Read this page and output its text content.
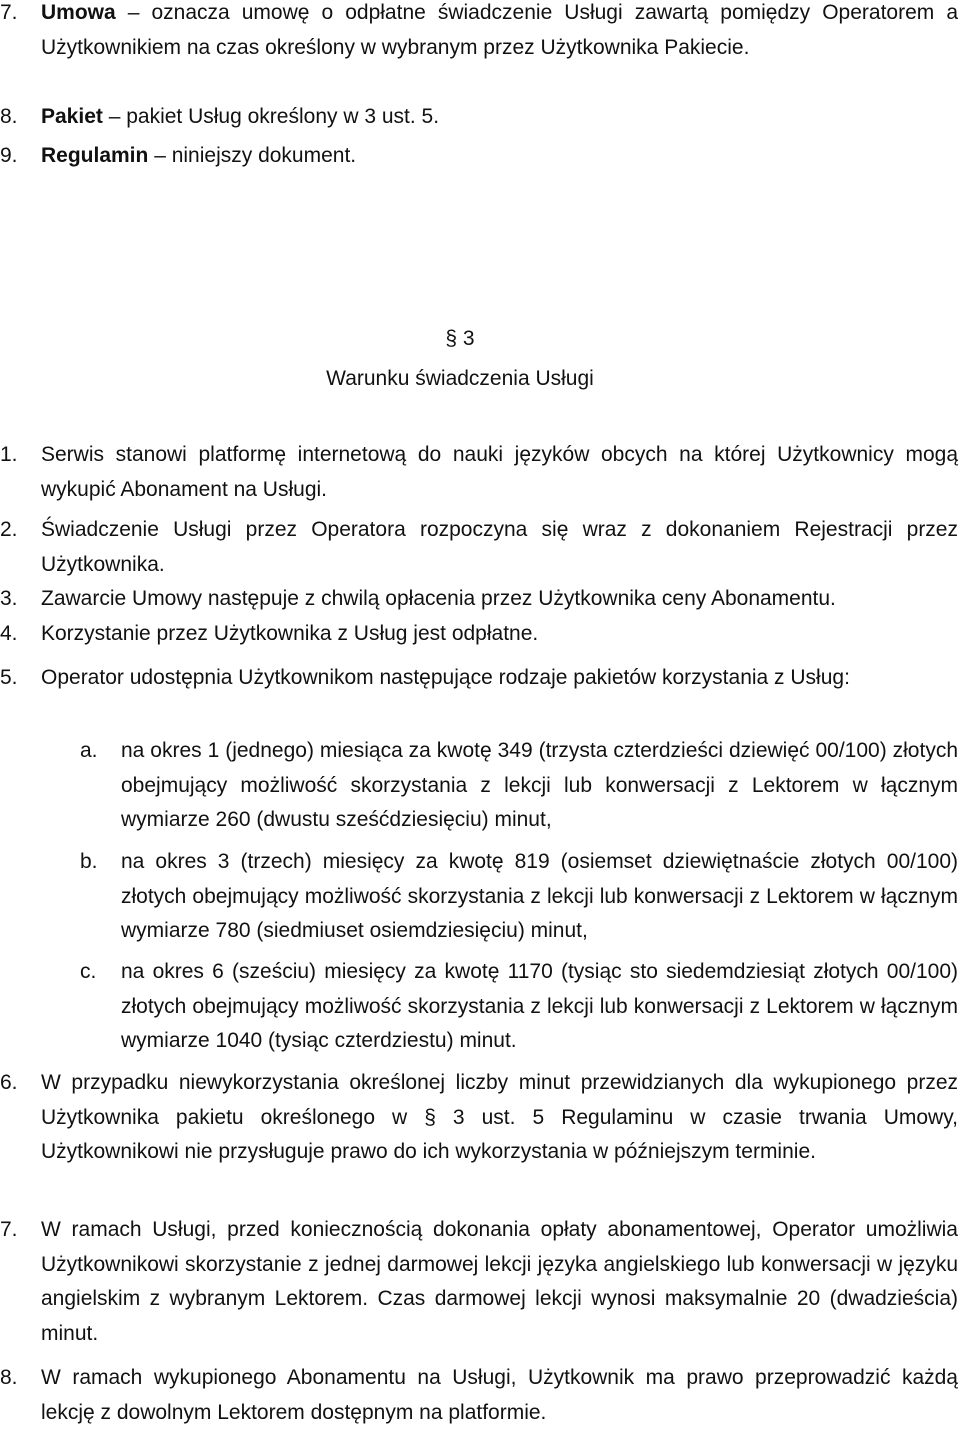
7.	Umowa – oznacza umowę o odpłatne świadczenie Usługi zawartą pomiędzy Operatorem a Użytkownikiem na czas określony w wybranym przez Użytkownika Pakiecie.
8.	Pakiet – pakiet Usług określony w 3 ust. 5.
9.	Regulamin – niniejszy dokument.
§ 3
Warunku świadczenia Usługi
1.	Serwis stanowi platformę internetową do nauki języków obcych na której Użytkownicy mogą wykupić Abonament na Usługi.
2.	Świadczenie Usługi przez Operatora rozpoczyna się wraz z dokonaniem Rejestracji przez Użytkownika.
3.	Zawarcie Umowy następuje z chwilą opłacenia przez Użytkownika ceny Abonamentu.
4.	Korzystanie przez Użytkownika z Usług jest odpłatne.
5.	Operator udostępnia Użytkownikom następujące rodzaje pakietów korzystania z Usług:
a.	na okres 1 (jednego) miesiąca za kwotę 349 (trzysta czterdzieści dziewięć 00/100) złotych obejmujący możliwość skorzystania z lekcji lub konwersacji z Lektorem w łącznym wymiarze 260 (dwustu sześćdziesięciu) minut,
b.	na okres 3 (trzech) miesięcy za kwotę 819 (osiemset dziewiętnaście złotych 00/100) złotych obejmujący możliwość skorzystania z lekcji lub konwersacji z Lektorem w łącznym wymiarze 780 (siedmiuset osiemdziesięciu) minut,
c.	na okres 6 (sześciu) miesięcy za kwotę 1170 (tysiąc sto siedemdziesiąt złotych 00/100) złotych obejmujący możliwość skorzystania z lekcji lub konwersacji z Lektorem w łącznym wymiarze 1040 (tysiąc czterdziestu) minut.
6.	W przypadku niewykorzystania określonej liczby minut przewidzianych dla wykupionego przez Użytkownika pakietu określonego w § 3 ust. 5 Regulaminu w czasie trwania Umowy, Użytkownikowi nie przysługuje prawo do ich wykorzystania w późniejszym terminie.
7.	W ramach Usługi, przed koniecznością dokonania opłaty abonamentowej, Operator umożliwia Użytkownikowi skorzystanie z jednej darmowej lekcji języka angielskiego lub konwersacji w języku angielskim z wybranym Lektorem. Czas darmowej lekcji wynosi maksymalnie 20 (dwadzieścia) minut.
8.	W ramach wykupionego Abonamentu na Usługi, Użytkownik ma prawo przeprowadzić każdą lekcję z dowolnym Lektorem dostępnym na platformie.
